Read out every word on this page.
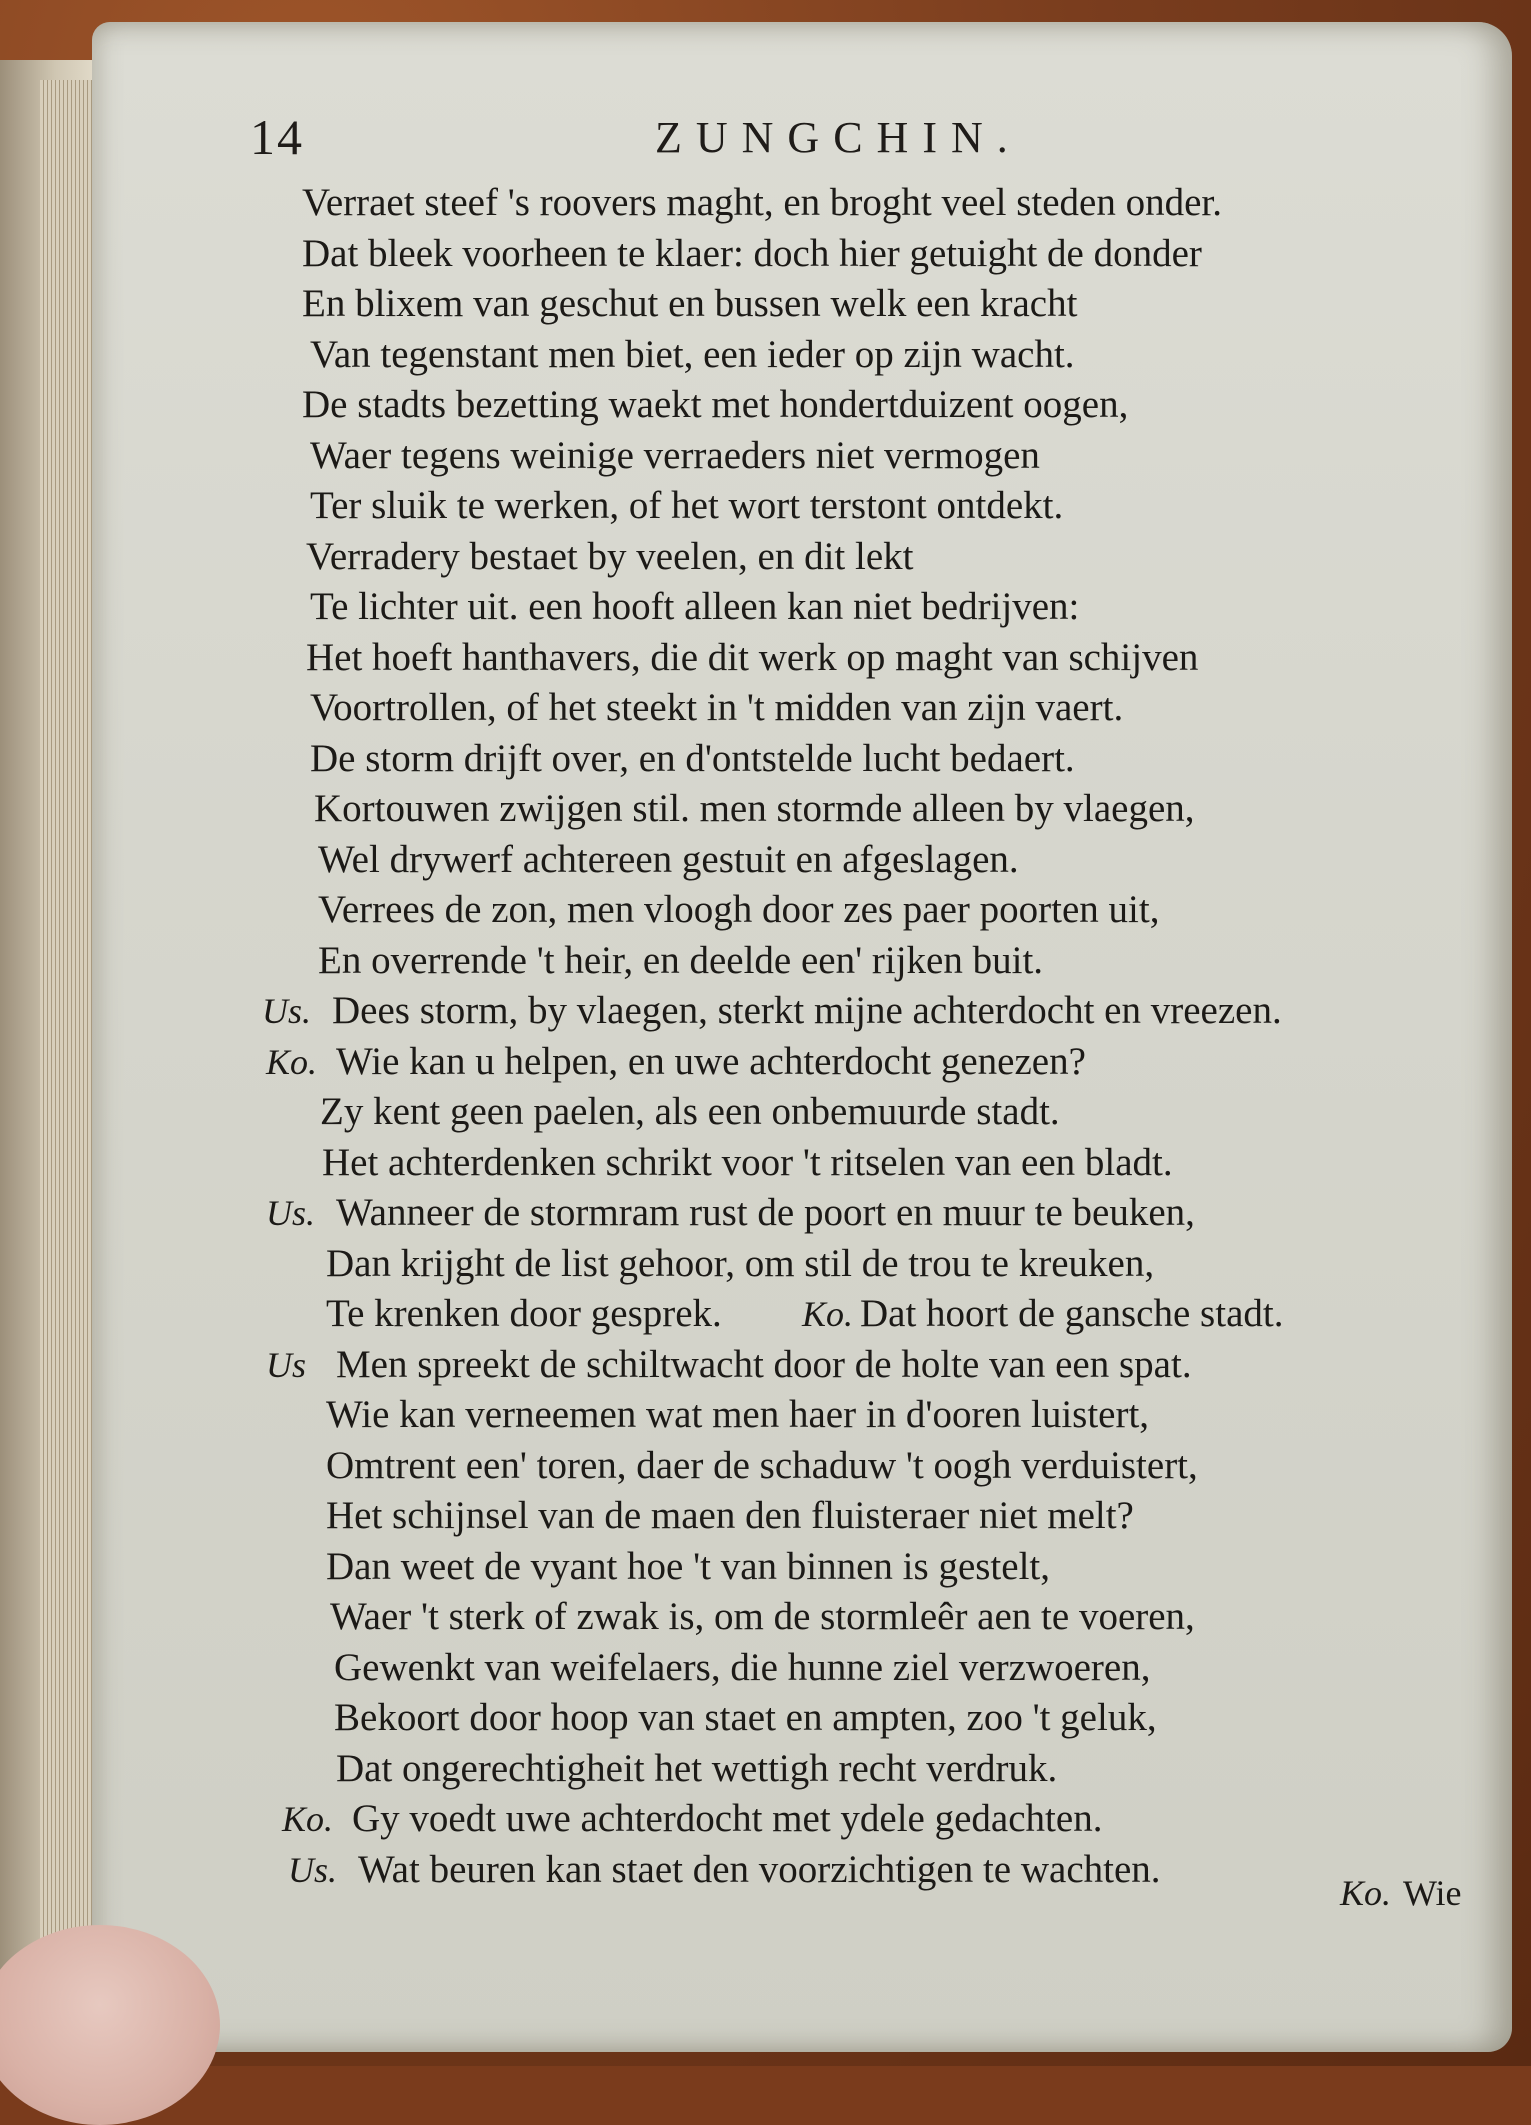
14	ZUNGCHIN.
Verraet steef 's roovers maght, en broght veel steden onder.
Dat bleek voorheen te klaer: doch hier getuight de donder
En blixem van geschut en bussen welk een kracht
Van tegenstant men biet, een ieder op zijn wacht.
De stadts bezetting waekt met hondertduizent oogen,
Waer tegens weinige verraeders niet vermogen
Ter sluik te werken, of het wort terstont ontdekt.
Verradery bestaet by veelen, en dit lekt
Te lichter uit. een hooft alleen kan niet bedrijven:
Het hoeft hanthavers, die dit werk op maght van schijven
Voortrollen, of het steekt in 't midden van zijn vaert.
De storm drijft over, en d'ontstelde lucht bedaert.
Kortouwen zwijgen stil. men stormde alleen by vlaegen,
Wel drywerf achtereen gestuit en afgeslagen.
Verrees de zon, men vloogh door zes paer poorten uit,
En overrende 't heir, en deelde een' rijken buit.
Us. Dees storm, by vlaegen, sterkt mijne achterdocht en vreezen.
Ko. Wie kan u helpen, en uwe achterdocht genezen?
Zy kent geen paelen, als een onbemuurde stadt.
Het achterdenken schrikt voor 't ritselen van een bladt.
Us. Wanneer de stormram rust de poort en muur te beuken,
Dan krijght de list gehoor, om stil de trou te kreuken,
Te krenken door gesprek. Ko. Dat hoort de gansche stadt.
Us Men spreekt de schiltwacht door de holte van een spat.
Wie kan verneemen wat men haer in d'ooren luistert,
Omtrent een' toren, daer de schaduw 't oogh verduistert,
Het schijnsel van de maen den fluisteraer niet melt?
Dan weet de vyant hoe 't van binnen is gestelt,
Waer 't sterk of zwak is, om de stormleêr aen te voeren,
Gewenkt van weifelaers, die hunne ziel verzwoeren,
Bekoort door hoop van staet en ampten, zoo 't geluk,
Dat ongerechtigheit het wettigh recht verdruk.
Ko. Gy voedt uwe achterdocht met ydele gedachten.
Us. Wat beuren kan staet den voorzichtigen te wachten.
Ko. Wie
